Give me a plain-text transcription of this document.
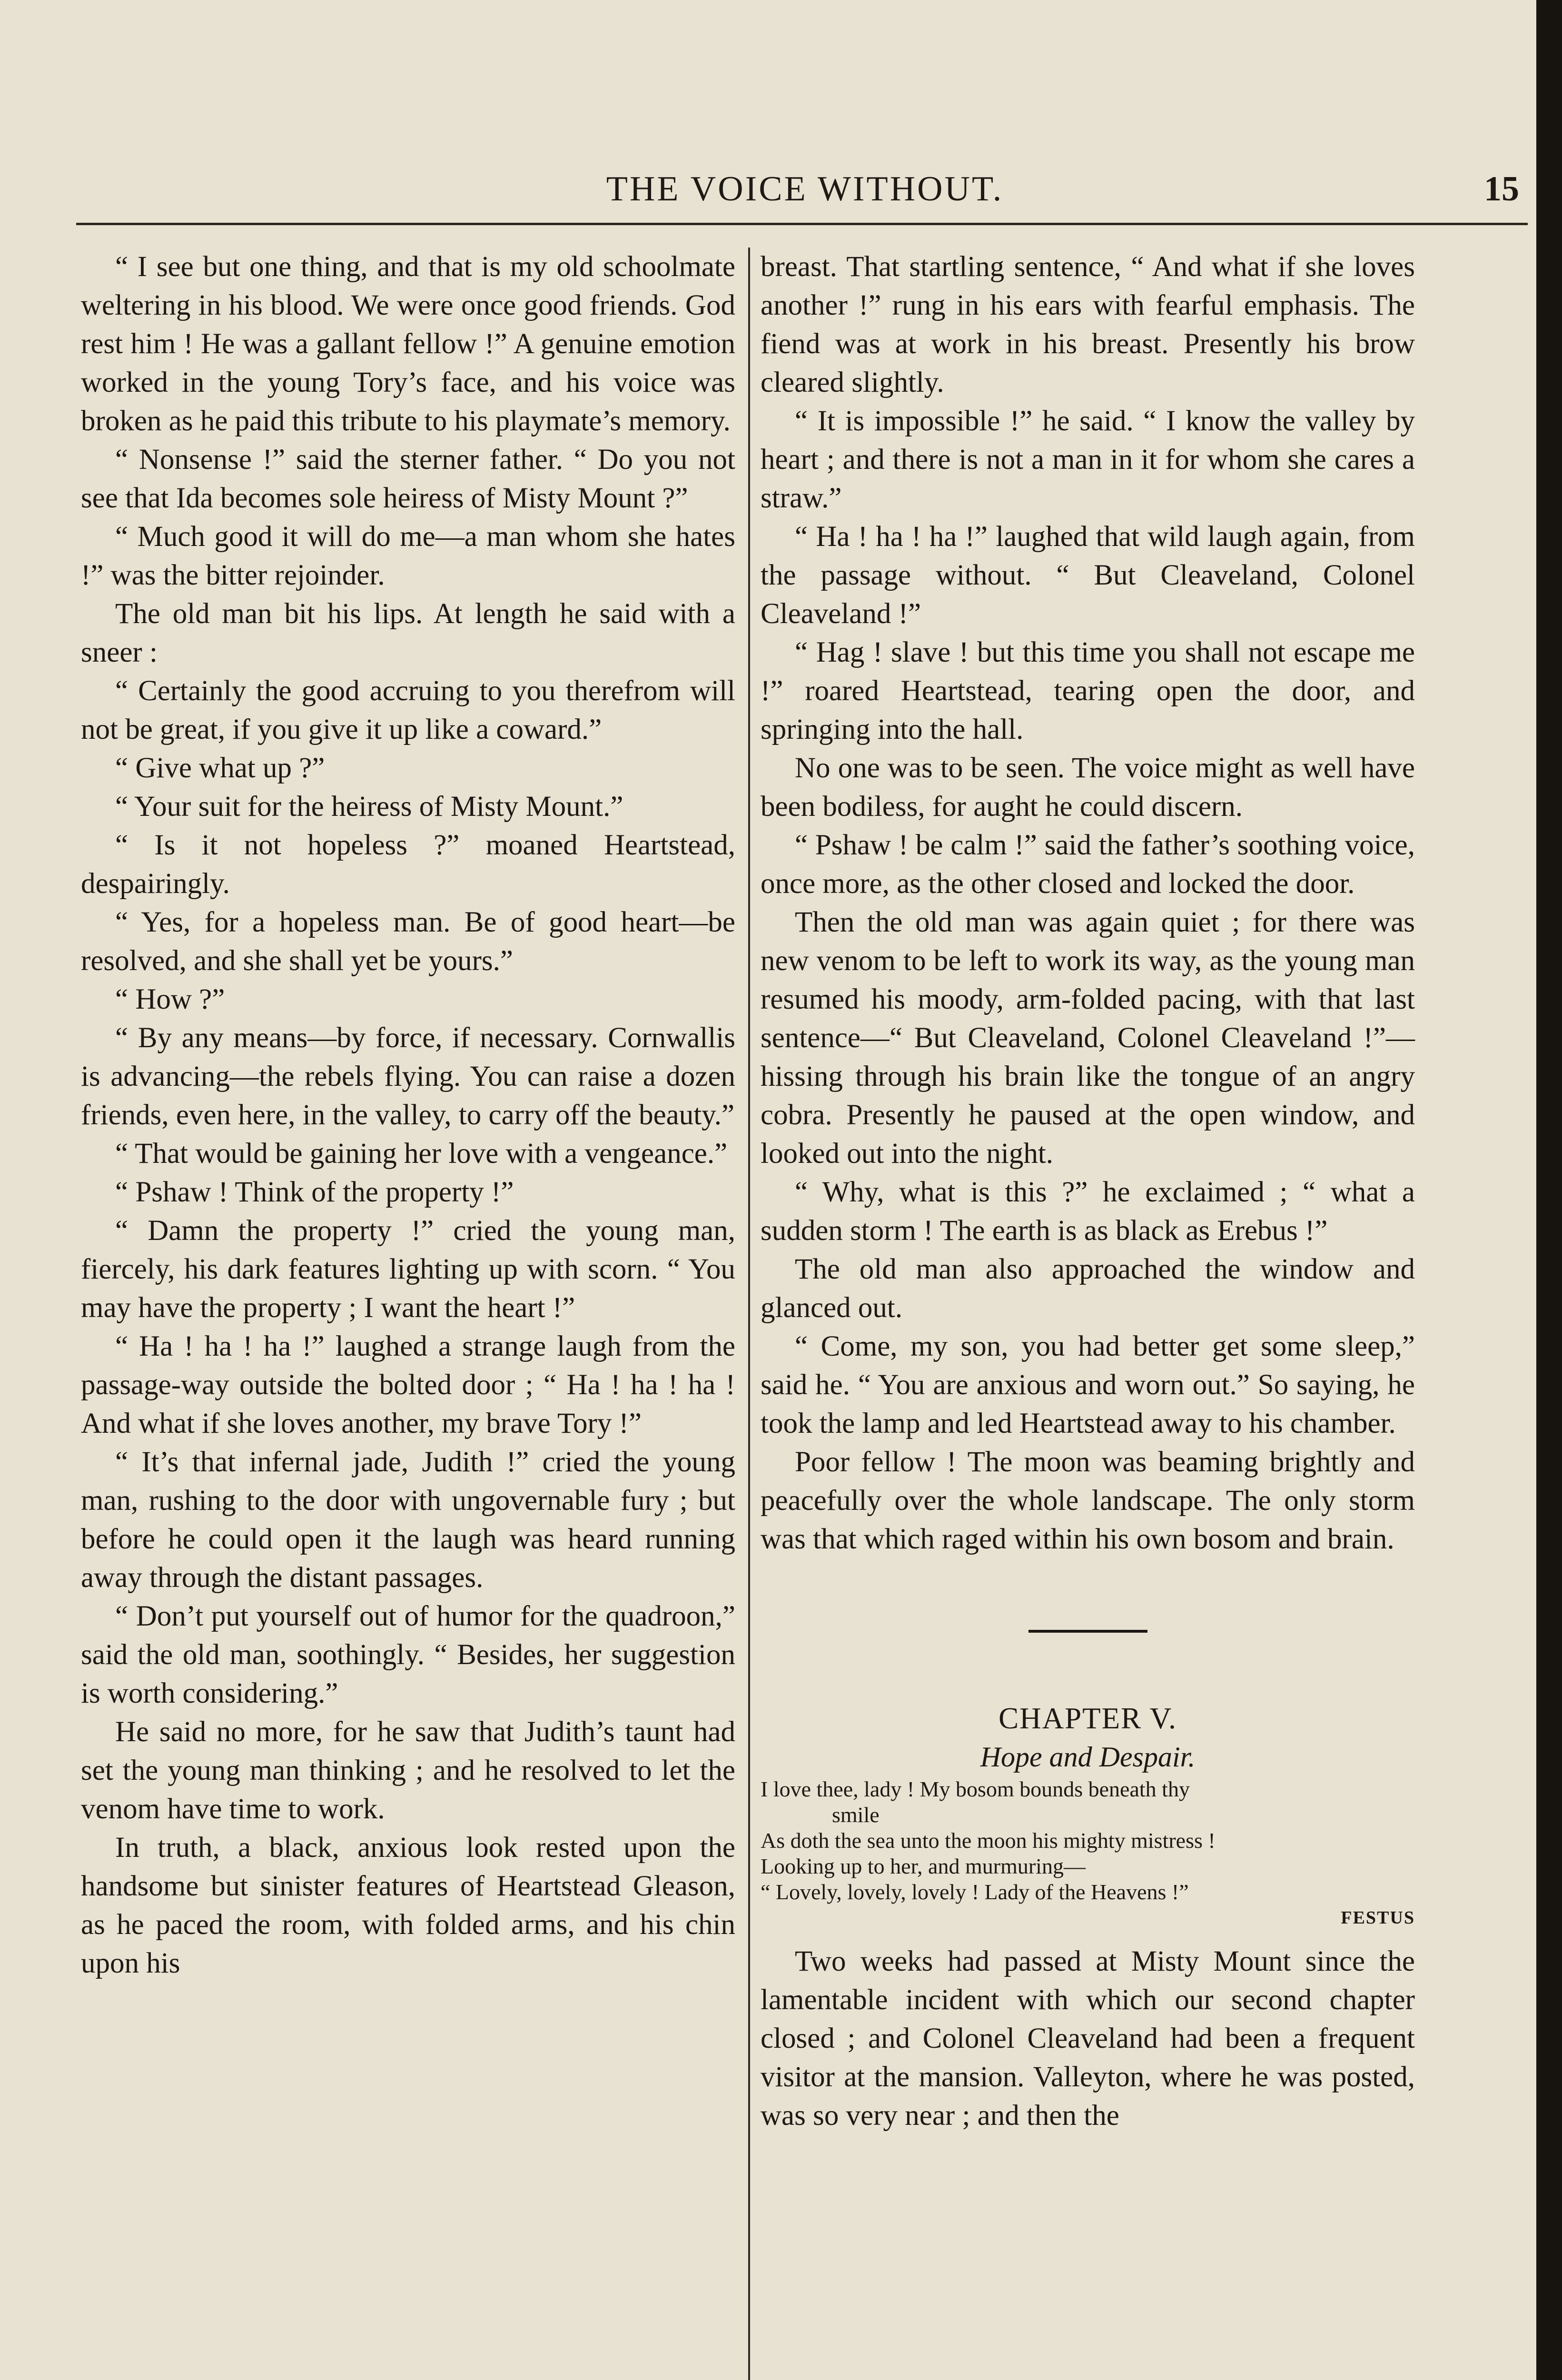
THE VOICE WITHOUT.	15

“ I see but one thing, and that is my old schoolmate weltering in his blood. We were once good friends. God rest him ! He was a gallant fellow !” A genuine emotion worked in the young Tory’s face, and his voice was broken as he paid this tribute to his playmate’s memory.

“ Nonsense !” said the sterner father. “ Do you not see that Ida becomes sole heiress of Misty Mount ?”

“ Much good it will do me—a man whom she hates !” was the bitter rejoinder.

The old man bit his lips. At length he said with a sneer :

“ Certainly the good accruing to you therefrom will not be great, if you give it up like a coward.”

“ Give what up ?”

“ Your suit for the heiress of Misty Mount.”

“ Is it not hopeless ?” moaned Heartstead, despairingly.

“ Yes, for a hopeless man. Be of good heart—be resolved, and she shall yet be yours.”

“ How ?”

“ By any means—by force, if necessary. Cornwallis is advancing—the rebels flying. You can raise a dozen friends, even here, in the valley, to carry off the beauty.”

“ That would be gaining her love with a vengeance.”

“ Pshaw ! Think of the property !”

“ Damn the property !” cried the young man, fiercely, his dark features lighting up with scorn. “ You may have the property ; I want the heart !”

“ Ha ! ha ! ha !” laughed a strange laugh from the passage-way outside the bolted door ; “ Ha ! ha ! ha ! And what if she loves another, my brave Tory !”

“ It’s that infernal jade, Judith !” cried the young man, rushing to the door with ungovernable fury ; but before he could open it the laugh was heard running away through the distant passages.

“ Don’t put yourself out of humor for the quadroon,” said the old man, soothingly. “ Besides, her suggestion is worth considering.”

He said no more, for he saw that Judith’s taunt had set the young man thinking ; and he resolved to let the venom have time to work.

In truth, a black, anxious look rested upon the handsome but sinister features of Heartstead Gleason, as he paced the room, with folded arms, and his chin upon his

breast. That startling sentence, “ And what if she loves another !” rung in his ears with fearful emphasis. The fiend was at work in his breast. Presently his brow cleared slightly.

“ It is impossible !” he said. “ I know the valley by heart ; and there is not a man in it for whom she cares a straw.”

“ Ha ! ha ! ha !” laughed that wild laugh again, from the passage without. “ But Cleaveland, Colonel Cleaveland !”

“ Hag ! slave ! but this time you shall not escape me !” roared Heartstead, tearing open the door, and springing into the hall.

No one was to be seen. The voice might as well have been bodiless, for aught he could discern.

“ Pshaw ! be calm !” said the father’s soothing voice, once more, as the other closed and locked the door.

Then the old man was again quiet ; for there was new venom to be left to work its way, as the young man resumed his moody, arm-folded pacing, with that last sentence—“ But Cleaveland, Colonel Cleaveland !”—hissing through his brain like the tongue of an angry cobra. Presently he paused at the open window, and looked out into the night.

“ Why, what is this ?” he exclaimed ; “ what a sudden storm ! The earth is as black as Erebus !”

The old man also approached the window and glanced out.

“ Come, my son, you had better get some sleep,” said he. “ You are anxious and worn out.” So saying, he took the lamp and led Heartstead away to his chamber.

Poor fellow ! The moon was beaming brightly and peacefully over the whole landscape. The only storm was that which raged within his own bosom and brain.

CHAPTER V.

Hope and Despair.

I love thee, lady ! My bosom bounds beneath thy
smile
As doth the sea unto the moon his mighty mistress !
Looking up to her, and murmuring—
“ Lovely, lovely, lovely ! Lady of the Heavens !”
FESTUS

Two weeks had passed at Misty Mount since the lamentable incident with which our second chapter closed ; and Colonel Cleaveland had been a frequent visitor at the mansion. Valleyton, where he was posted, was so very near ; and then the
